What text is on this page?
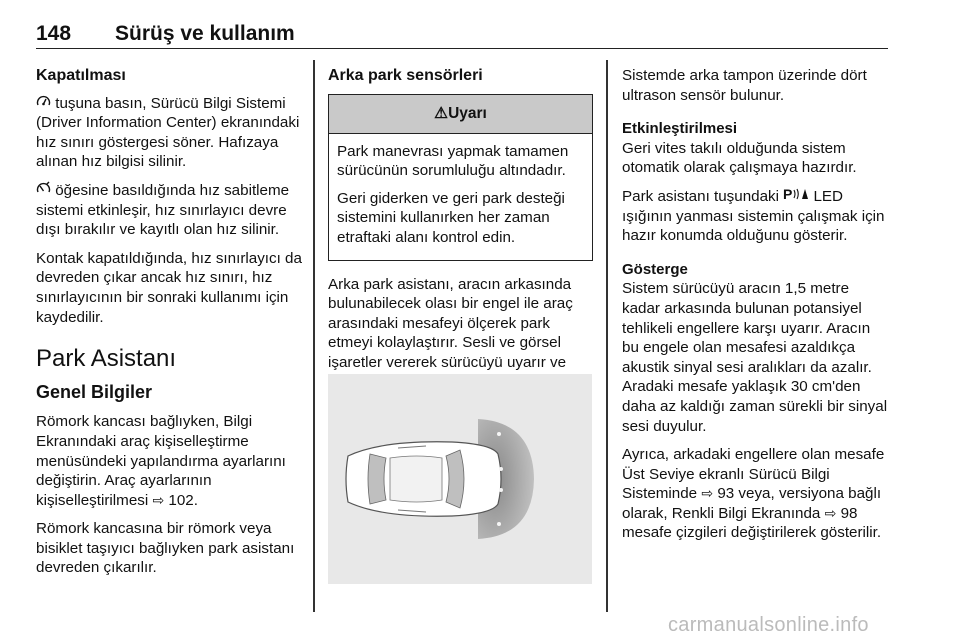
148 Sürüş ve kullanım
Kapatılması

tuşuna basın, Sürücü Bilgi Sistemi (Driver Information Center) ekranındaki hız sınırı göstergesi söner. Hafızaya alınan hız bilgisi silinir.

öğesine basıldığında hız sabitleme sistemi etkinleşir, hız sınırlayıcı devre dışı bırakılır ve kayıtlı olan hız silinir.

Kontak kapatıldığında, hız sınırlayıcı da devreden çıkar ancak hız sınırı, hız sınırlayıcının bir sonraki kullanımı için kaydedilir.

Park Asistanı
Genel Bilgiler

Römork kancası bağlıyken, Bilgi Ekranındaki araç kişiselleştirme menüsündeki yapılandırma ayarlarını değiştirin. Araç ayarlarının kişiselleştirilmesi ⇨ 102.

Römork kancasına bir römork veya bisiklet taşıyıcı bağlıyken park asistanı devreden çıkarılır.

Arka park sensörleri
⚠Uyarı

Park manevrası yapmak tamamen sürücünün sorumluluğu altındadır.

Geri giderken ve geri park desteği sistemini kullanırken her zaman etraftaki alanı kontrol edin.

Arka park asistanı, aracın arkasında bulunabilecek olası bir engel ile araç arasındaki mesafeyi ölçerek park etmeyi kolaylaştırır. Sesli ve görsel işaretler vererek sürücüyü uyarır ve

Sistemde arka tampon üzerinde dört ultrason sensör bulunur.

Etkinleştirilmesi

Geri vites takılı olduğunda sistem otomatik olarak çalışmaya hazırdır.

Park asistanı tuşundaki P LED ışığının yanması sistemin çalışmak için hazır konumda olduğunu gösterir.

Gösterge

Sistem sürücüyü aracın 1,5 metre kadar arkasında bulunan potansiyel tehlikeli engellere karşı uyarır. Aracın bu engele olan mesafesi azaldıkça akustik sinyal sesi aralıkları da azalır. Aradaki mesafe yaklaşık 30 cm'den daha az kaldığı zaman sürekli bir sinyal sesi duyulur.

Ayrıca, arkadaki engellere olan mesafe Üst Seviye ekranlı Sürücü Bilgi Sisteminde ⇨ 93 veya, versiyona bağlı olarak, Renkli Bilgi Ekranında ⇨ 98 mesafe çizgileri değiştirilerek gösterilir.

carmanualsonline.info
